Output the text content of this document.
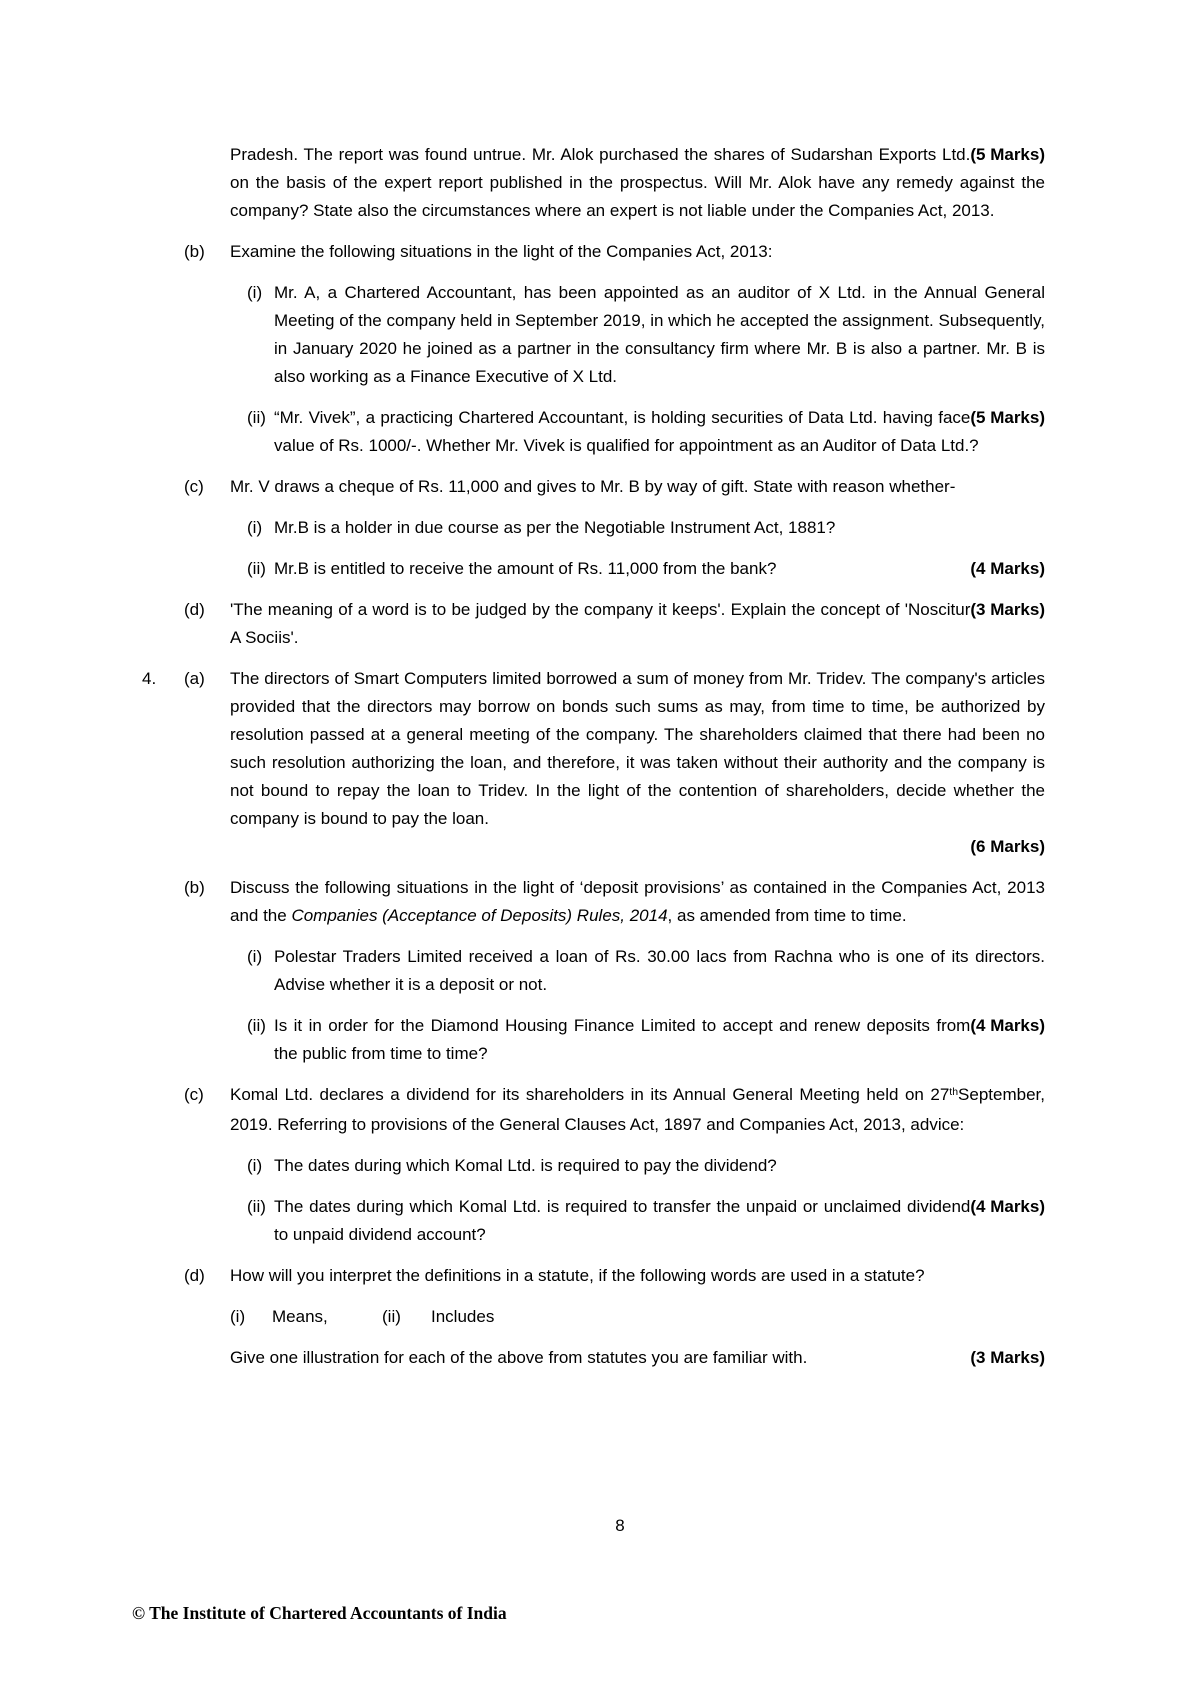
(5 Marks)
Pradesh. The report was found untrue. Mr. Alok purchased the shares of Sudarshan Exports Ltd. on the basis of the expert report published in the prospectus. Will Mr. Alok have any remedy against the company? State also the circumstances where an expert is not liable under the Companies Act, 2013.
(b)	Examine the following situations in the light of the Companies Act, 2013:
(i) Mr. A, a Chartered Accountant, has been appointed as an auditor of X Ltd. in the Annual General Meeting of the company held in September 2019, in which he accepted the assignment. Subsequently, in January 2020 he joined as a partner in the consultancy firm where Mr. B is also a partner. Mr. B is also working as a Finance Executive of X Ltd.
(ii)	(5 Marks)
“Mr. Vivek”, a practicing Chartered Accountant, is holding securities of Data Ltd. having face value of Rs. 1000/-. Whether Mr. Vivek is qualified for appointment as an Auditor of Data Ltd.?
(c)	Mr. V draws a cheque of Rs. 11,000 and gives to Mr. B by way of gift. State with reason whether-
(i) Mr.B is a holder in due course as per the Negotiable Instrument Act, 1881?
(ii)	(4 Marks)
Mr.B is entitled to receive the amount of Rs. 11,000 from the bank?
(d)	(3 Marks)
'The meaning of a word is to be judged by the company it keeps'. Explain the concept of 'Noscitur A Sociis'.
4.	(a)	The directors of Smart Computers limited borrowed a sum of money from Mr. Tridev. The company's articles provided that the directors may borrow on bonds such sums as may, from time to time, be authorized by resolution passed at a general meeting of the company. The shareholders claimed that there had been no such resolution authorizing the loan, and therefore, it was taken without their authority and the company is not bound to repay the loan to Tridev. In the light of the contention of shareholders, decide whether the company is bound to pay the loan.
(6 Marks)
(b)	Discuss the following situations in the light of ‘deposit provisions’ as contained in the Companies Act, 2013 and the Companies (Acceptance of Deposits) Rules, 2014, as amended from time to time.
(i) Polestar Traders Limited received a loan of Rs. 30.00 lacs from Rachna who is one of its directors. Advise whether it is a deposit or not.
(ii)	(4 Marks)
Is it in order for the Diamond Housing Finance Limited to accept and renew deposits from the public from time to time?
(c)	Komal Ltd. declares a dividend for its shareholders in its Annual General Meeting held on 27thSeptember, 2019. Referring to provisions of the General Clauses Act, 1897 and Companies Act, 2013, advice:
(i) The dates during which Komal Ltd. is required to pay the dividend?
(ii)	(4 Marks)
The dates during which Komal Ltd. is required to transfer the unpaid or unclaimed dividend to unpaid dividend account?
(d)	How will you interpret the definitions in a statute, if the following words are used in a statute?
(i) Means,	(ii) Includes
(3 Marks)
Give one illustration for each of the above from statutes you are familiar with.
8
© The Institute of Chartered Accountants of India
